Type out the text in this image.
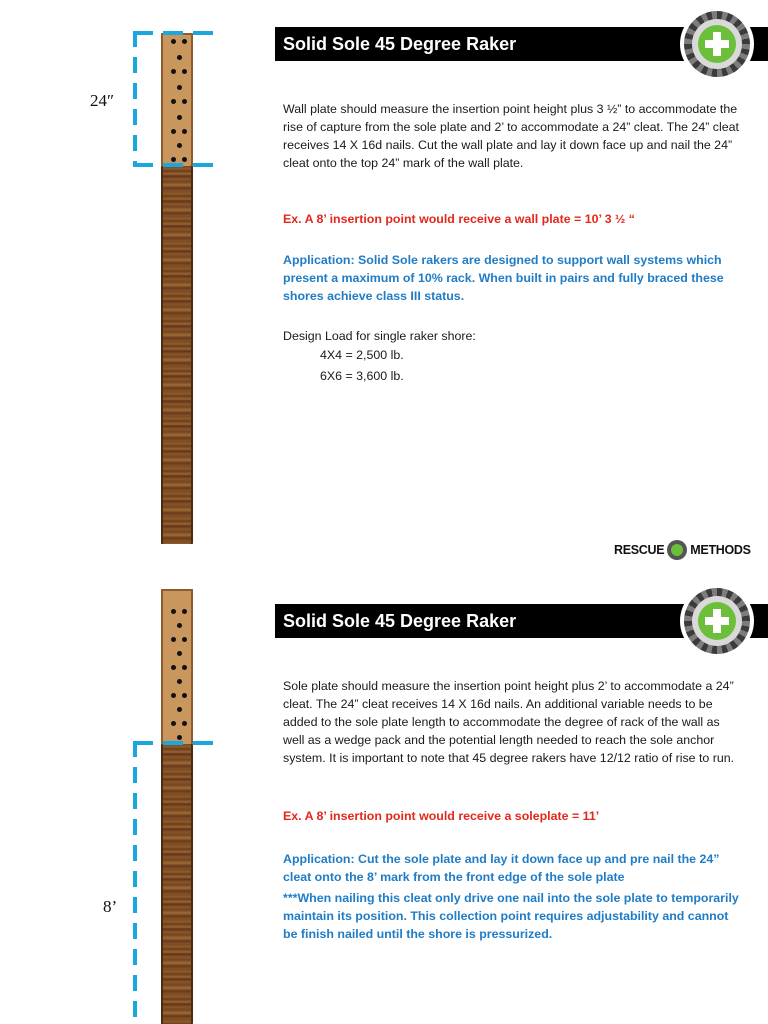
24″
Solid Sole 45 Degree Raker

Wall plate should measure the insertion point height plus 3 ½” to accommodate the rise of capture from the sole plate and 2’ to accommodate a 24” cleat. The 24” cleat receives 14 X 16d nails. Cut the wall plate and lay it down face up and nail the 24” cleat onto the top 24” mark of the wall plate.

Ex. A 8’ insertion point would receive a wall plate = 10’ 3 ½ “

Application: Solid Sole rakers are designed to support wall systems which present a maximum of 10% rack. When built in pairs and fully braced these shores achieve class III status.

Design Load for single raker shore:

4X4 = 2,500 lb.

6X6 = 3,600 lb.

RESCUE METHODS
8’
Solid Sole 45 Degree Raker

Sole plate should measure the insertion point height plus 2’ to accommodate a 24” cleat. The 24” cleat receives 14 X 16d nails. An additional variable needs to be added to the sole plate length to accommodate the degree of rack of the wall as well as a wedge pack and the potential length needed to reach the sole anchor system. It is important to note that 45 degree rakers have 12/12 ratio of rise to run.

Ex. A 8’ insertion point would receive a soleplate = 11’

Application: Cut the sole plate and lay it down face up and pre nail the 24” cleat onto the 8’ mark from the front edge of the sole plate

***When nailing this cleat only drive one nail into the sole plate to temporarily maintain its position. This collection point requires adjustability and cannot be finish nailed until the shore is pressurized.
